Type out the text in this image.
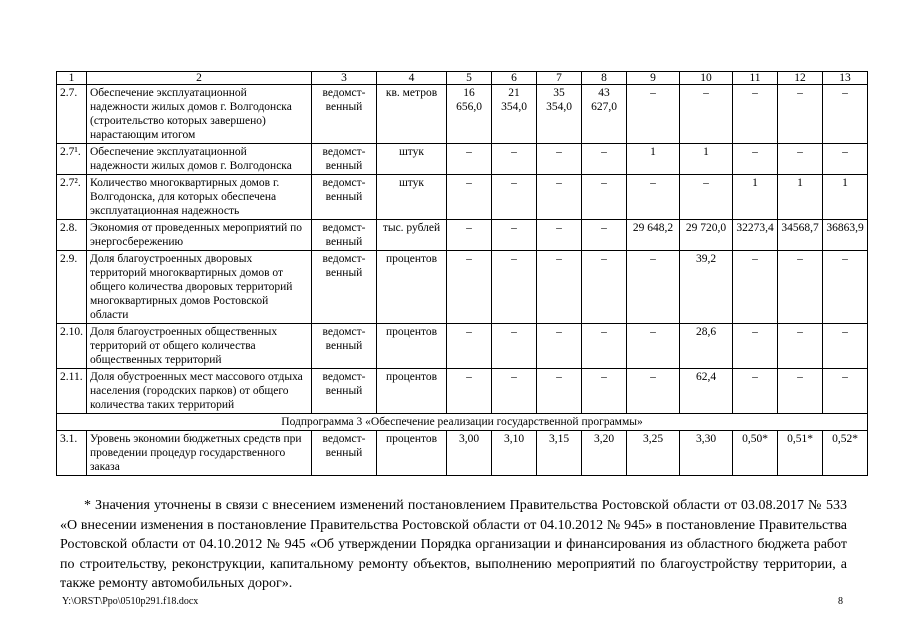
1	2	3	4	5	6	7	8	9	10	11	12	13
2.7.	Обеспечение эксплуатационной надежности жилых домов г. Волгодонска (строительство которых завершено) нарастающим итогом	ведомст-венный	кв. метров	16 656,0	21 354,0	35 354,0	43 627,0	–	–	–	–	–
2.7¹.	Обеспечение эксплуатационной надежности жилых домов г. Волгодонска	ведомст-венный	штук	–	–	–	–	1	1	–	–	–
2.7².	Количество многоквартирных домов г. Волгодонска, для которых обеспечена эксплуатационная надежность	ведомст-венный	штук	–	–	–	–	–	–	1	1	1
2.8.	Экономия от проведенных мероприятий по энергосбережению	ведомст-венный	тыс. рублей	–	–	–	–	29 648,2	29 720,0	32273,4	34568,7	36863,9
2.9.	Доля благоустроенных дворовых территорий многоквартирных домов от общего количества дворовых территорий многоквартирных домов Ростовской области	ведомст-венный	процентов	–	–	–	–	–	39,2	–	–	–
2.10.	Доля благоустроенных общественных территорий от общего количества общественных территорий	ведомст-венный	процентов	–	–	–	–	–	28,6	–	–	–
2.11.	Доля обустроенных мест массового отдыха населения (городских парков) от общего количества таких территорий	ведомст-венный	процентов	–	–	–	–	–	62,4	–	–	–
Подпрограмма 3 «Обеспечение реализации государственной программы»												
3.1.	Уровень экономии бюджетных средств при проведении процедур государственного заказа	ведомст-венный	процентов	3,00	3,10	3,15	3,20	3,25	3,30	0,50*	0,51*	0,52*

* Значения уточнены в связи с внесением изменений постановлением Правительства Ростовской области от 03.08.2017 № 533 «О внесении изменения в постановление Правительства Ростовской области от 04.10.2012 № 945» в постановление Правительства Ростовской области от 04.10.2012 № 945 «Об утверждении Порядка организации и финансирования из областного бюджета работ по строительству, реконструкции, капитальному ремонту объектов, выполнению мероприятий по благоустройству территории, а также ремонту автомобильных дорог».

Y:\ORST\Ppo\0510p291.f18.docx	8
